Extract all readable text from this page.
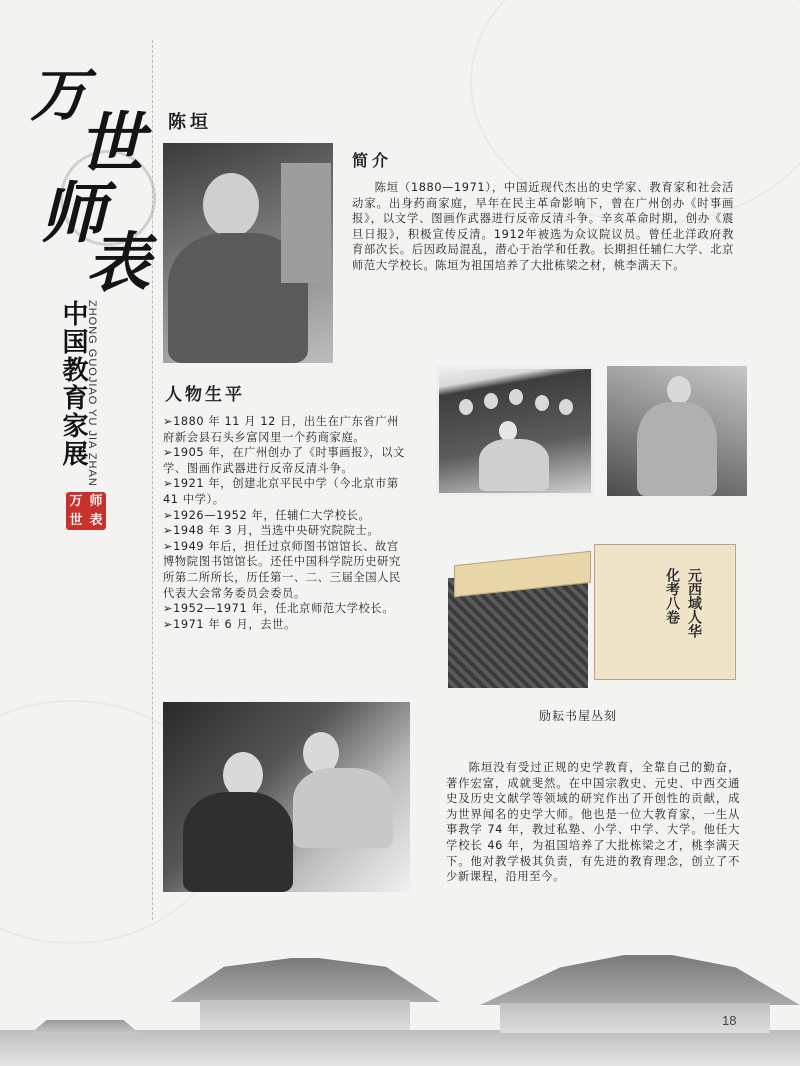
万
世
师
表
ZHONG GUOJIAO YU JIA ZHAN
中国教育家展
万 师
世 表
陈垣
简介
陈垣（1880—1971），中国近现代杰出的史学家、教育家和社会活动家。出身药商家庭，早年在民主革命影响下，曾在广州创办《时事画报》，以文学、图画作武器进行反帝反清斗争。辛亥革命时期，创办《震旦日报》，积极宣传反清。1912年被选为众议院议员。曾任北洋政府教育部次长。后因政局混乱，潜心于治学和任教。长期担任辅仁大学、北京师范大学校长。陈垣为祖国培养了大批栋梁之材，桃李满天下。
人物生平
➢1880 年 11 月 12 日，出生在广东省广州府新会县石头乡富冈里一个药商家庭。
➢1905 年，在广州创办了《时事画报》，以文学、图画作武器进行反帝反清斗争。
➢1921 年，创建北京平民中学（今北京市第 41 中学）。
➢1926—1952 年，任辅仁大学校长。
➢1948 年 3 月，当选中央研究院院士。
➢1949 年后，担任过京师图书馆馆长、故宫博物院图书馆馆长。还任中国科学院历史研究所第二所所长，历任第一、二、三届全国人民代表大会常务委员会委员。
➢1952—1971 年，任北京师范大学校长。
➢1971 年 6 月，去世。	元西域人华
化考八卷
励耘书屋丛刻
陈垣没有受过正规的史学教育，全靠自己的勤奋，著作宏富，成就斐然。在中国宗教史、元史、中西交通史及历史文献学等领域的研究作出了开创性的贡献，成为世界闻名的史学大师。他也是一位大教育家，一生从事教学 74 年，教过私塾、小学、中学、大学。他任大学校长 46 年，为祖国培养了大批栋梁之才，桃李满天下。他对教学极其负责，有先进的教育理念，创立了不少新课程，沿用至今。
18
